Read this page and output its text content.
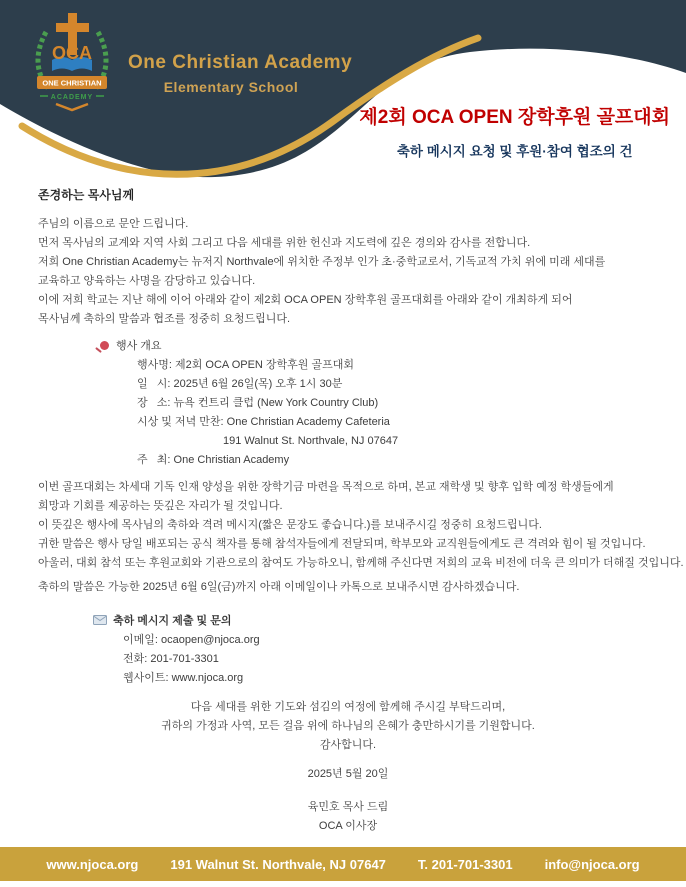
OCA
ONE CHRISTIAN
ACADEMY
One Christian Academy
Elementary School
제2회 OCA OPEN 장학후원 골프대회
축하 메시지 요청 및 후원·참여 협조의 건
존경하는 목사님께
주님의 이름으로 문안 드립니다.
먼저 목사님의 교계와 지역 사회 그리고 다음 세대를 위한 헌신과 지도력에 깊은 경의와 감사를 전합니다.
저희 One Christian Academy는 뉴저지 Northvale에 위치한 주정부 인가 초·중학교로서, 기독교적 가치 위에 미래 세대를
교육하고 양육하는 사명을 감당하고 있습니다.
이에 저희 학교는 지난 해에 이어 아래와 같이 제2회 OCA OPEN 장학후원 골프대회를 아래와 같이 개최하게 되어
목사님께 축하의 말씀과 협조를 정중히 요청드립니다.
행사 개요
행사명: 제2회 OCA OPEN 장학후원 골프대회
일   시: 2025년 6월 26일(목) 오후 1시 30분
장   소: 뉴욕 컨트리 클럽 (New York Country Club)
시상 및 저녁 만찬: One Christian Academy Cafeteria
191 Walnut St. Northvale, NJ 07647
주   최: One Christian Academy
이번 골프대회는 차세대 기독 인재 양성을 위한 장학기금 마련을 목적으로 하며, 본교 재학생 및 향후 입학 예정 학생들에게
희망과 기회를 제공하는 뜻깊은 자리가 될 것입니다.
이 뜻깊은 행사에 목사님의 축하와 격려 메시지(짧은 문장도 좋습니다.)를 보내주시길 정중히 요청드립니다.
귀한 말씀은 행사 당일 배포되는 공식 책자를 통해 참석자들에게 전달되며, 학부모와 교직원들에게도 큰 격려와 힘이 될 것입니다.
아울러, 대회 참석 또는 후원교회와 기관으로의 참여도 가능하오니, 함께해 주신다면 저희의 교육 비전에 더욱 큰 의미가 더해질 것입니다.
축하의 말씀은 가능한 2025년 6월 6일(금)까지 아래 이메일이나 카톡으로 보내주시면 감사하겠습니다.
축하 메시지 제출 및 문의
이메일: ocaopen@njoca.org
전화: 201-701-3301
웹사이트: www.njoca.org
다음 세대를 위한 기도와 섬김의 여정에 함께해 주시길 부탁드리며,
귀하의 가정과 사역, 모든 걸음 위에 하나님의 은혜가 충만하시기를 기원합니다.
감사합니다.
2025년 5월 20일
육민호 목사 드림
OCA 이사장
www.njoca.org 191 Walnut St. Northvale, NJ 07647 T. 201-701-3301 info@njoca.org
